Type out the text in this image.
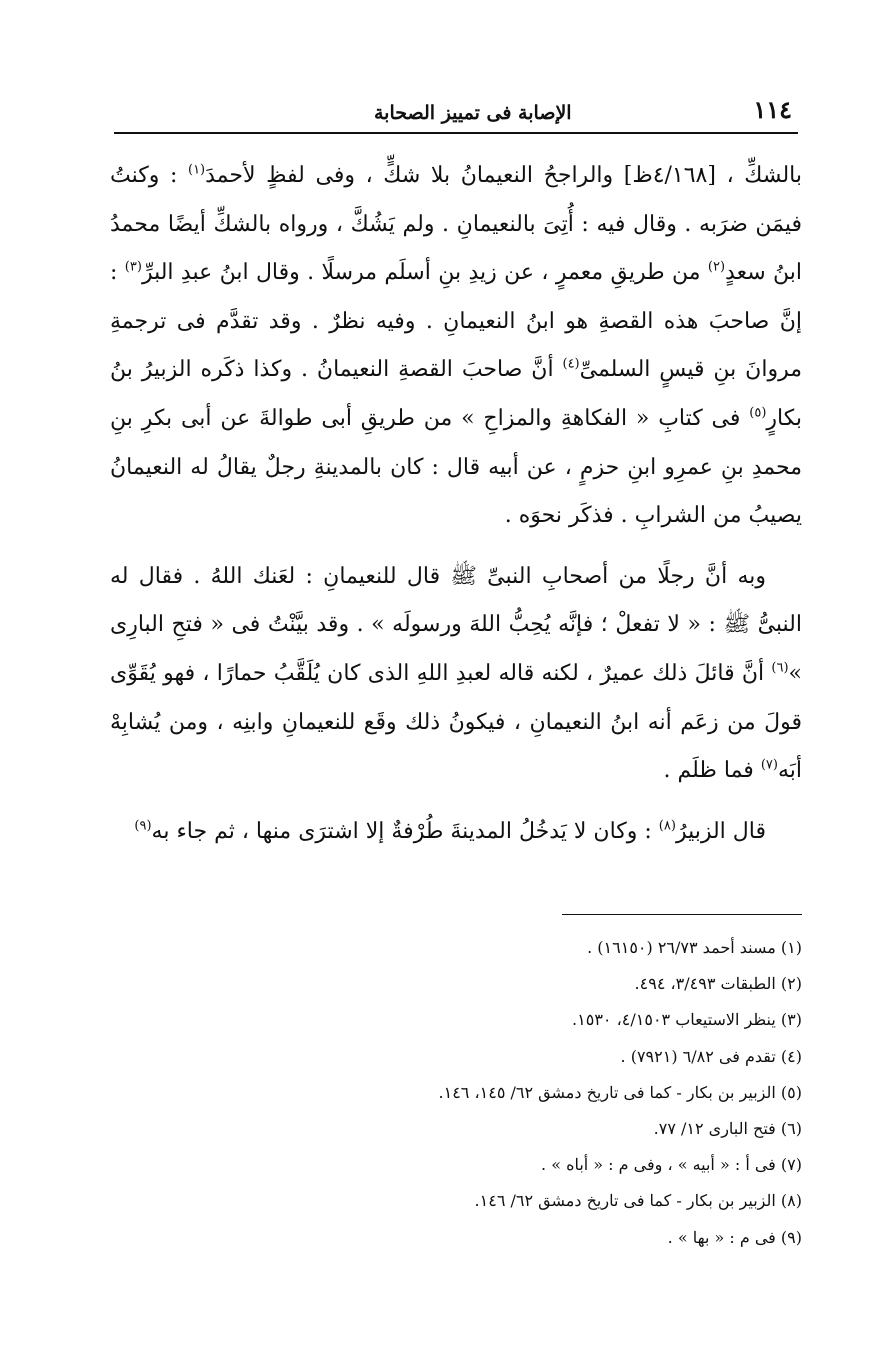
١١٤
الإصابة فى تمييز الصحابة

بالشكِّ ، [٤/١٦٨ظ] والراجحُ النعيمانُ بلا شكٍّ ، وفى لفظٍ لأحمدَ$^{(١)}$ : وكنتُ فيمَن ضرَبه . وقال فيه : أُتِىَ بالنعيمانِ . ولم يَشُكَّ ، ورواه بالشكِّ أيضًا محمدُ ابنُ سعدٍ$^{(٢)}$ من طريقِ معمرٍ ، عن زيدِ بنِ أسلَم مرسلًا . وقال ابنُ عبدِ البرِّ$^{(٣)}$ : إنَّ صاحبَ هذه القصةِ هو ابنُ النعيمانِ . وفيه نظرٌ . وقد تقدَّم فى ترجمةِ مروانَ بنِ قيسٍ السلمىِّ$^{(٤)}$ أنَّ صاحبَ القصةِ النعيمانُ . وكذا ذكَره الزبيرُ بنُ بكارٍ$^{(٥)}$ فى كتابِ « الفكاهةِ والمزاحِ » من طريقِ أبى طوالةَ عن أبى بكرِ بنِ محمدِ بنِ عمرِو ابنِ حزمٍ ، عن أبيه قال : كان بالمدينةِ رجلٌ يقالُ له النعيمانُ يصيبُ من الشرابِ . فذكَر نحوَه .

وبه أنَّ رجلًا من أصحابِ النبىِّ ﷺ قال للنعيمانِ : لعَنك اللهُ . فقال له النبىُّ ﷺ : « لا تفعلْ ؛ فإنَّه يُحِبُّ اللهَ ورسولَه » . وقد بيَّنْتُ فى « فتحِ البارِى »$^{(٦)}$ أنَّ قائلَ ذلك عميرٌ ، لكنه قاله لعبدِ اللهِ الذى كان يُلَقَّبُ حمارًا ، فهو يُقَوِّى قولَ من زعَم أنه ابنُ النعيمانِ ، فيكونُ ذلك وقَع للنعيمانِ وابنِه ، ومن يُشابِهْ أبَه$^{(٧)}$ فما ظلَم .

قال الزبيرُ$^{(٨)}$ : وكان لا يَدخُلُ المدينةَ طُرْفةٌ إلا اشترَى منها ، ثم جاء به$^{(٩)}$

(١) مسند أحمد ٢٦/٧٣ (١٦١٥٠) .
(٢) الطبقات ٣/٤٩٣، ٤٩٤.
(٣) ينظر الاستيعاب ٤/١٥٠٣، ١٥٣٠.
(٤) تقدم فى ٦/٨٢ (٧٩٢١) .
(٥) الزبير بن بكار - كما فى تاريخ دمشق ٦٢/ ١٤٥، ١٤٦.
(٦) فتح البارى ١٢/ ٧٧.
(٧) فى أ : « أبيه » ، وفى م : « أباه » .
(٨) الزبير بن بكار - كما فى تاريخ دمشق ٦٢/ ١٤٦.
(٩) فى م : « بها » .
